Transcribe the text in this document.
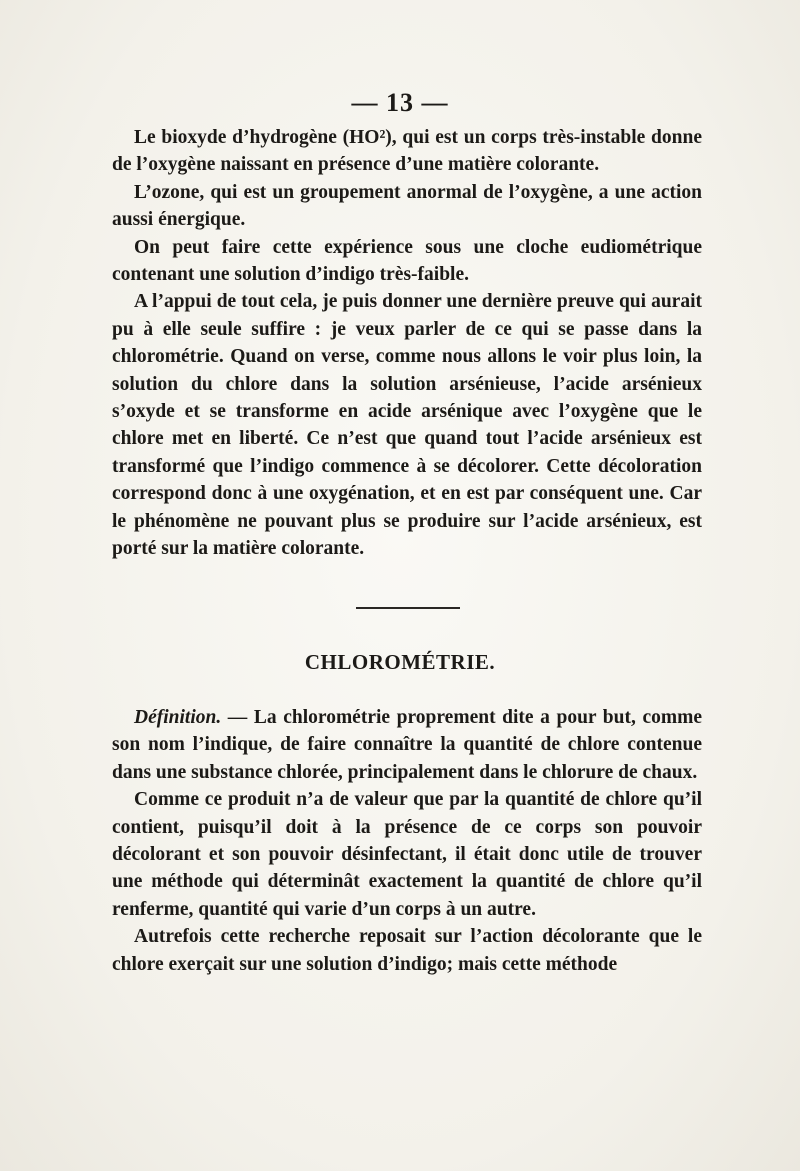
— 13 —

Le bioxyde d’hydrogène (HO²), qui est un corps très-instable donne de l’oxygène naissant en présence d’une matière colorante.

L’ozone, qui est un groupement anormal de l’oxygène, a une action aussi énergique.

On peut faire cette expérience sous une cloche eudiométrique contenant une solution d’indigo très-faible.

A l’appui de tout cela, je puis donner une dernière preuve qui aurait pu à elle seule suffire : je veux parler de ce qui se passe dans la chlorométrie. Quand on verse, comme nous allons le voir plus loin, la solution du chlore dans la solution arsénieuse, l’acide arsénieux s’oxyde et se transforme en acide arsénique avec l’oxygène que le chlore met en liberté. Ce n’est que quand tout l’acide arsénieux est transformé que l’indigo commence à se décolorer. Cette décoloration correspond donc à une oxygénation, et en est par conséquent une. Car le phénomène ne pouvant plus se produire sur l’acide arsénieux, est porté sur la matière colorante.

CHLOROMÉTRIE.

Définition. — La chlorométrie proprement dite a pour but, comme son nom l’indique, de faire connaître la quantité de chlore contenue dans une substance chlorée, principalement dans le chlorure de chaux.

Comme ce produit n’a de valeur que par la quantité de chlore qu’il contient, puisqu’il doit à la présence de ce corps son pouvoir décolorant et son pouvoir désinfectant, il était donc utile de trouver une méthode qui déterminât exactement la quantité de chlore qu’il renferme, quantité qui varie d’un corps à un autre.

Autrefois cette recherche reposait sur l’action décolorante que le chlore exerçait sur une solution d’indigo; mais cette méthode
